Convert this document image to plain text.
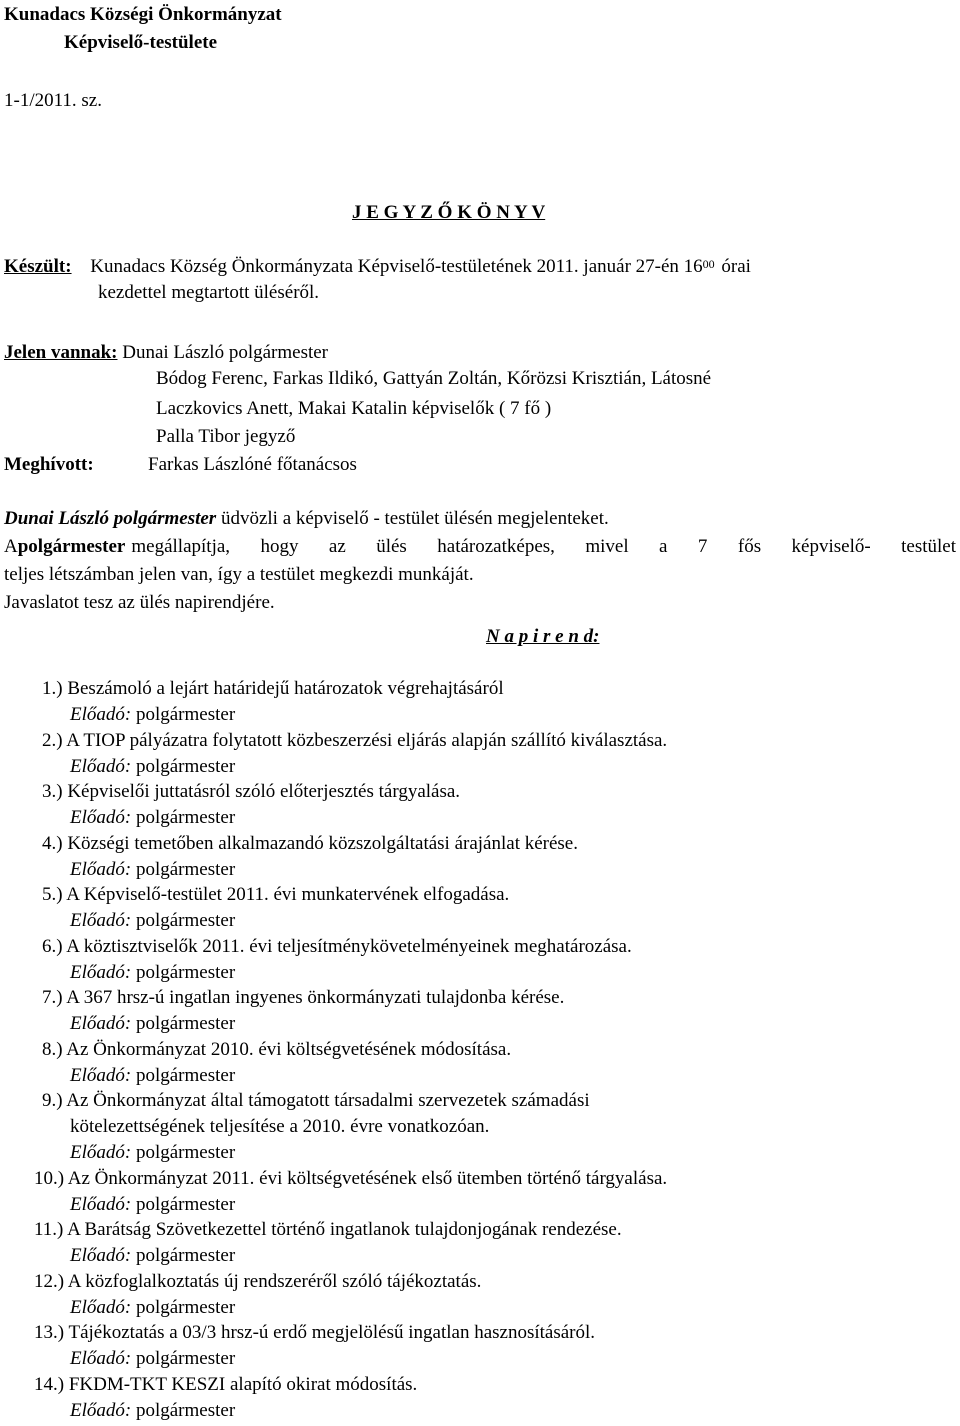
Kunadacs Községi Önkormányzat
Képviselő-testülete
1-1/2011. sz.
J E G Y Z Ő K Ö N Y V
Készült: Kunadacs Község Önkormányzata Képviselő-testületének 2011. január 27-én $16^{00}$ órai
kezdettel megtartott üléséről.
Jelen vannak: Dunai László polgármester
Bódog Ferenc, Farkas Ildikó, Gattyán Zoltán, Kőrözsi Krisztián, Látosné
Laczkovics Anett, Makai Katalin képviselők ( 7 fő )
Palla Tibor jegyző
Meghívott:	Farkas Lászlóné főtanácsos
Dunai László polgármester üdvözli a képviselő - testület ülésén megjelenteket.
A polgármester megállapítja, hogy az ülés határozatképes, mivel a 7 fős képviselő- testület
teljes létszámban jelen van, így a testület megkezdi munkáját.
Javaslatot tesz az ülés napirendjére.
N a p i r e n d:
1.) Beszámoló a lejárt határidejű határozatok végrehajtásáról
Előadó: polgármester
2.) A TIOP pályázatra folytatott közbeszerzési eljárás alapján szállító kiválasztása.
Előadó: polgármester
3.) Képviselői juttatásról szóló előterjesztés tárgyalása.
Előadó: polgármester
4.) Községi temetőben alkalmazandó közszolgáltatási árajánlat kérése.
Előadó: polgármester
5.) A Képviselő-testület 2011. évi munkatervének elfogadása.
Előadó: polgármester
6.) A köztisztviselők 2011. évi teljesítménykövetelményeinek meghatározása.
Előadó: polgármester
7.) A 367 hrsz-ú ingatlan ingyenes önkormányzati tulajdonba kérése.
Előadó: polgármester
8.) Az Önkormányzat 2010. évi költségvetésének módosítása.
Előadó: polgármester
9.) Az Önkormányzat által támogatott társadalmi szervezetek számadási
kötelezettségének teljesítése a 2010. évre vonatkozóan.
Előadó: polgármester
10.) Az Önkormányzat 2011. évi költségvetésének első ütemben történő tárgyalása.
Előadó: polgármester
11.) A Barátság Szövetkezettel történő ingatlanok tulajdonjogának rendezése.
Előadó: polgármester
12.) A közfoglalkoztatás új rendszeréről szóló tájékoztatás.
Előadó: polgármester
13.) Tájékoztatás a 03/3 hrsz-ú erdő megjelölésű ingatlan hasznosításáról.
Előadó: polgármester
14.) FKDM-TKT KESZI alapító okirat módosítás.
Előadó: polgármester
